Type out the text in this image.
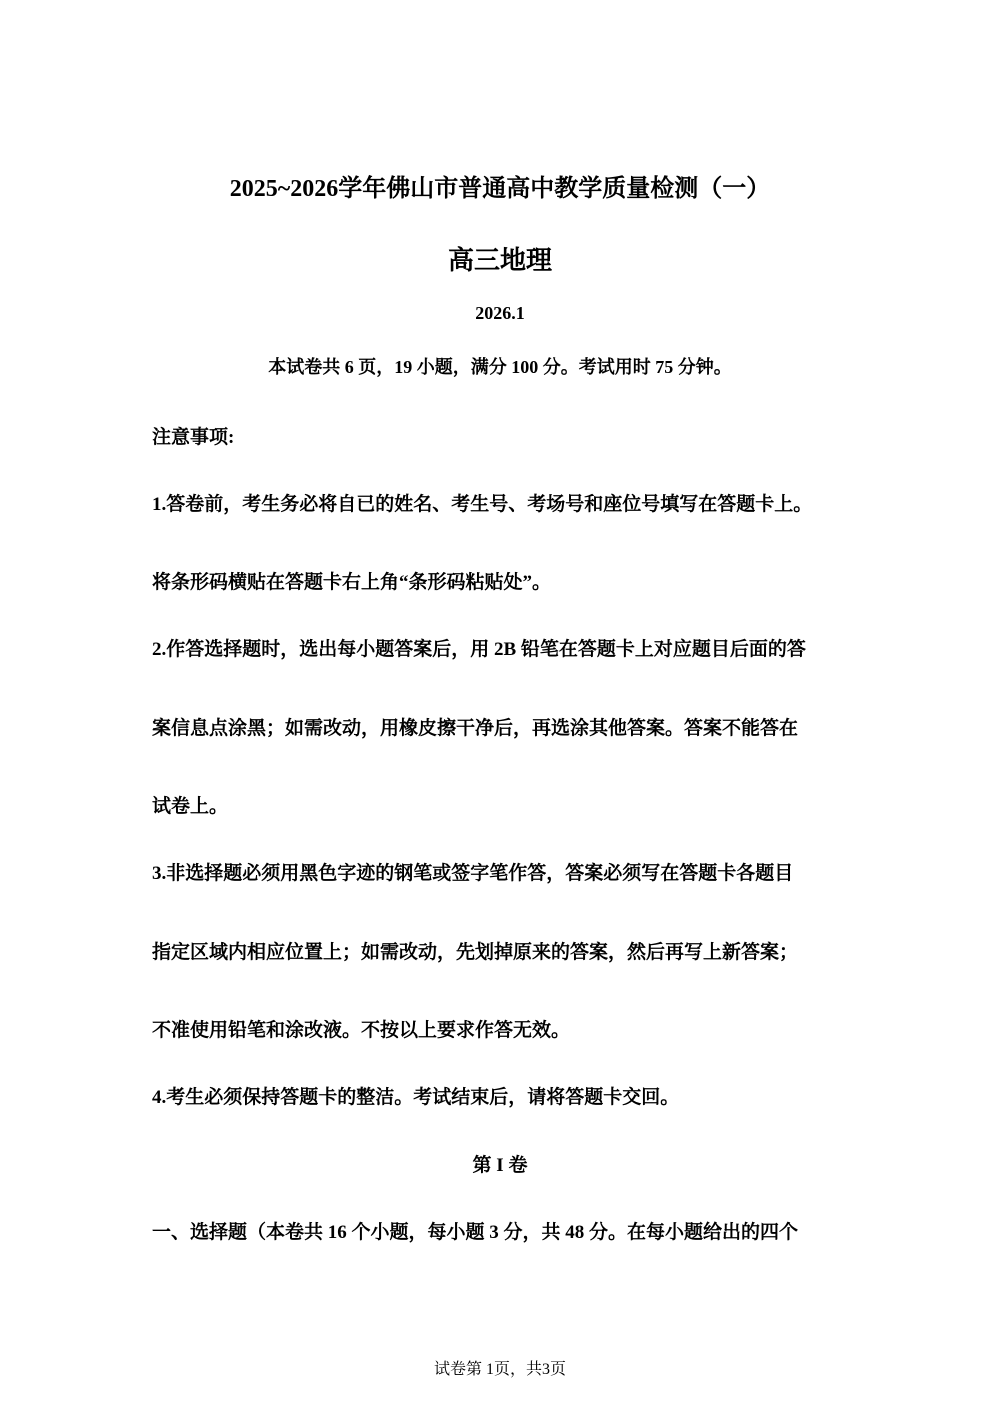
2025~2026学年佛山市普通高中教学质量检测（一）
高三地理
2026.1
本试卷共 6 页，19 小题，满分 100 分。考试用时 75 分钟。
注意事项:
1.答卷前，考生务必将自已的姓名、考生号、考场号和座位号填写在答题卡上。
将条形码横贴在答题卡右上角“条形码粘贴处”。
2.作答选择题时，选出每小题答案后，用 2B 铅笔在答题卡上对应题目后面的答
案信息点涂黑；如需改动，用橡皮擦干净后，再选涂其他答案。答案不能答在
试卷上。
3.非选择题必须用黑色字迹的钢笔或签字笔作答，答案必须写在答题卡各题目
指定区域内相应位置上；如需改动，先划掉原来的答案，然后再写上新答案；
不准使用铅笔和涂改液。不按以上要求作答无效。
4.考生必须保持答题卡的整洁。考试结束后，请将答题卡交回。
第 I 卷
一、选择题（本卷共 16 个小题，每小题 3 分，共 48 分。在每小题给出的四个
试卷第 1页，共3页
